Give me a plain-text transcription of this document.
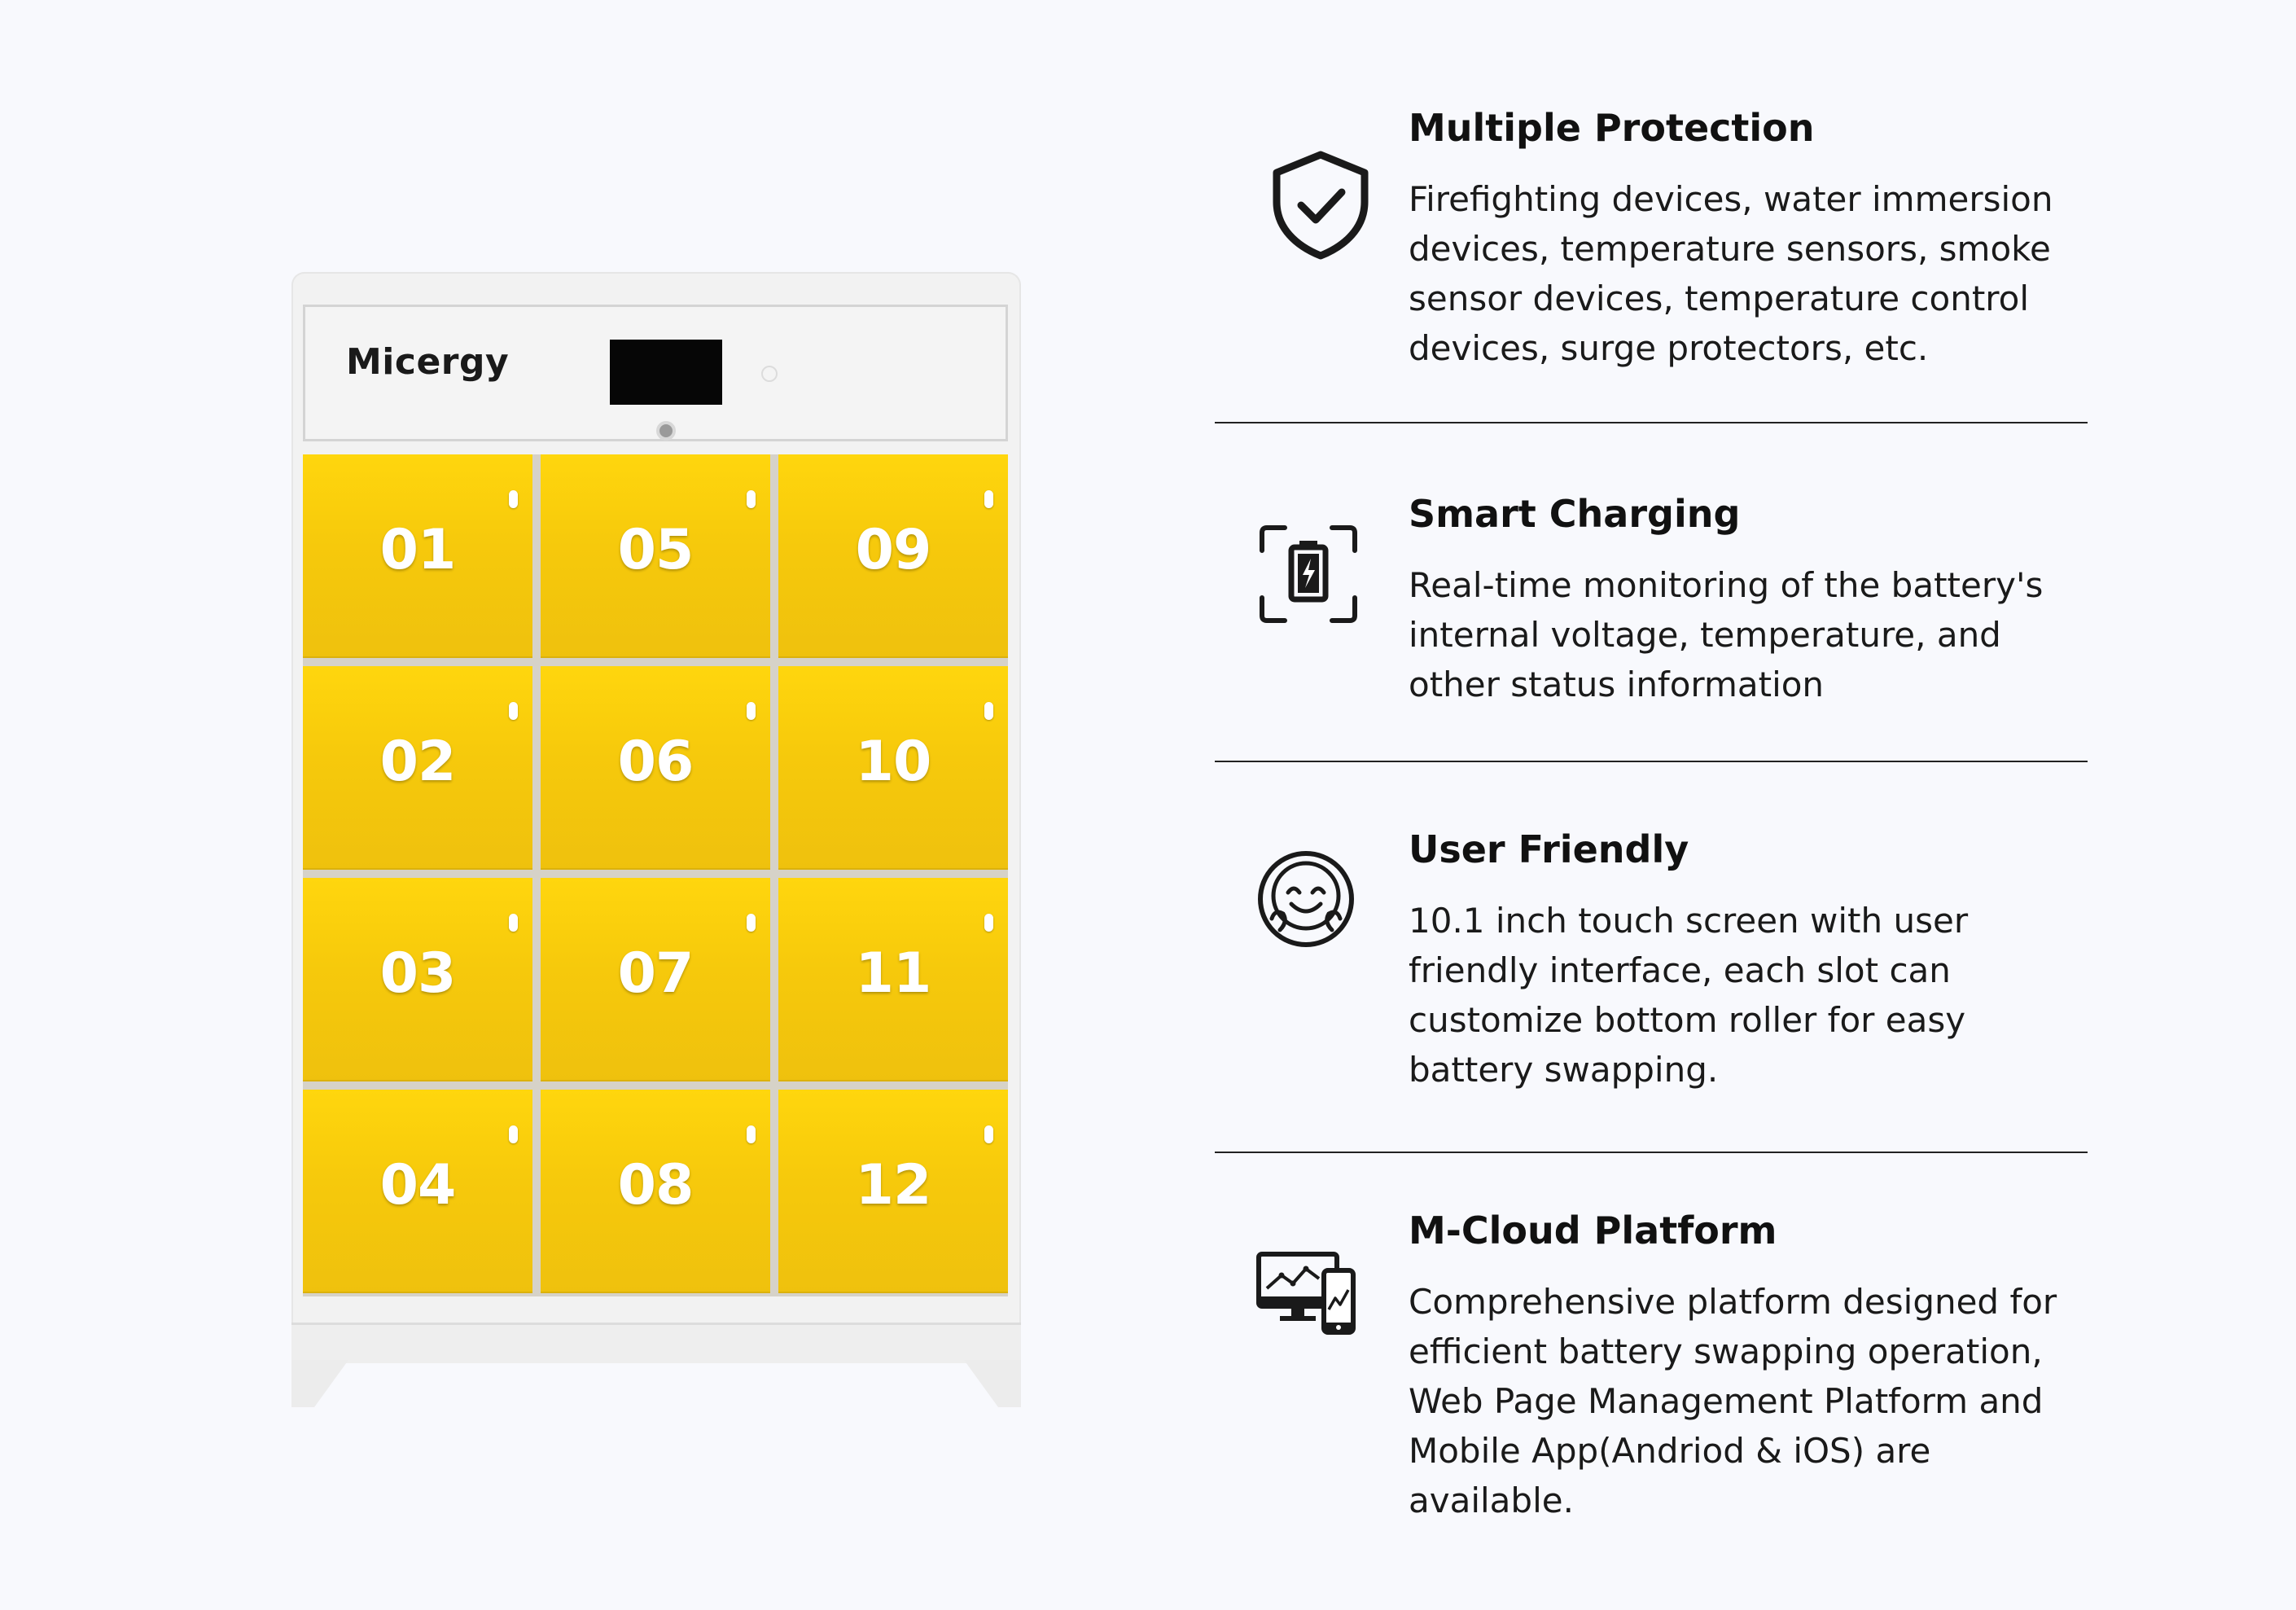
Micergy
01
02
03
04
05
06
07
08
09
10
11
12
Multiple Protection

Firefighting devices, water immersion devices, temperature sensors, smoke sensor devices, temperature control devices, surge protectors, etc.

Smart Charging

Real-time monitoring of the battery's internal voltage, temperature, and other status information

User Friendly

10.1 inch touch screen with user friendly interface, each slot can customize bottom roller for easy battery swapping.

M-Cloud Platform

Comprehensive platform designed for efficient battery swapping operation, Web Page Management Platform and Mobile App(Andriod & iOS) are available.
